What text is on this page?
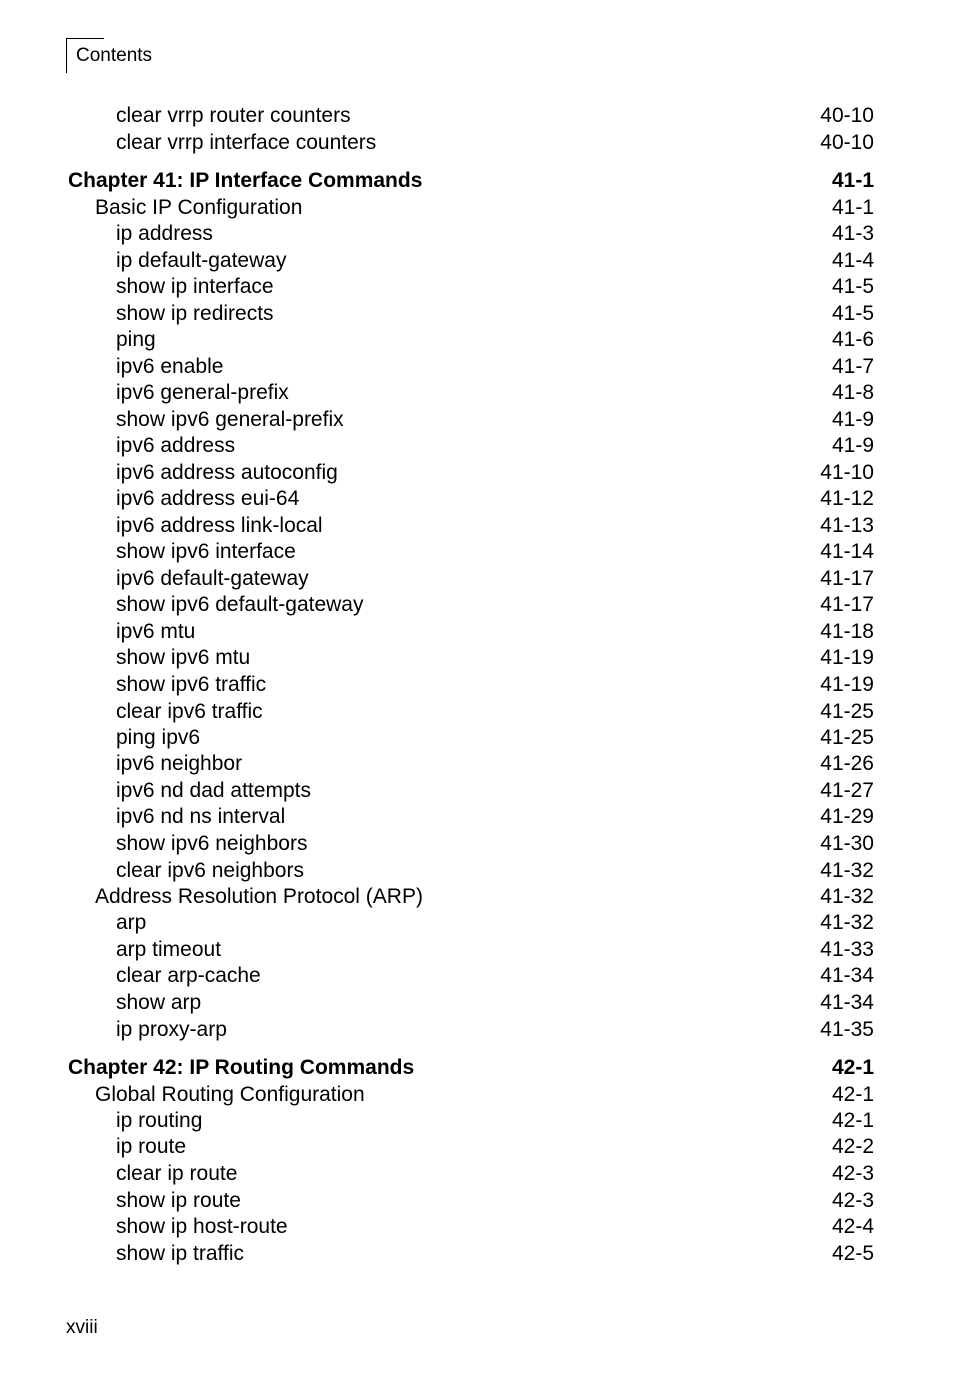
Contents
clear vrrp router counters	40-10
clear vrrp interface counters	40-10
Chapter 41: IP Interface Commands	41-1
Basic IP Configuration	41-1
ip address	41-3
ip default-gateway	41-4
show ip interface	41-5
show ip redirects	41-5
ping	41-6
ipv6 enable	41-7
ipv6 general-prefix	41-8
show ipv6 general-prefix	41-9
ipv6 address	41-9
ipv6 address autoconfig	41-10
ipv6 address eui-64	41-12
ipv6 address link-local	41-13
show ipv6 interface	41-14
ipv6 default-gateway	41-17
show ipv6 default-gateway	41-17
ipv6 mtu	41-18
show ipv6 mtu	41-19
show ipv6 traffic	41-19
clear ipv6 traffic	41-25
ping ipv6	41-25
ipv6 neighbor	41-26
ipv6 nd dad attempts	41-27
ipv6 nd ns interval	41-29
show ipv6 neighbors	41-30
clear ipv6 neighbors	41-32
Address Resolution Protocol (ARP)	41-32
arp	41-32
arp timeout	41-33
clear arp-cache	41-34
show arp	41-34
ip proxy-arp	41-35
Chapter 42: IP Routing Commands	42-1
Global Routing Configuration	42-1
ip routing	42-1
ip route	42-2
clear ip route	42-3
show ip route	42-3
show ip host-route	42-4
show ip traffic	42-5
xviii
